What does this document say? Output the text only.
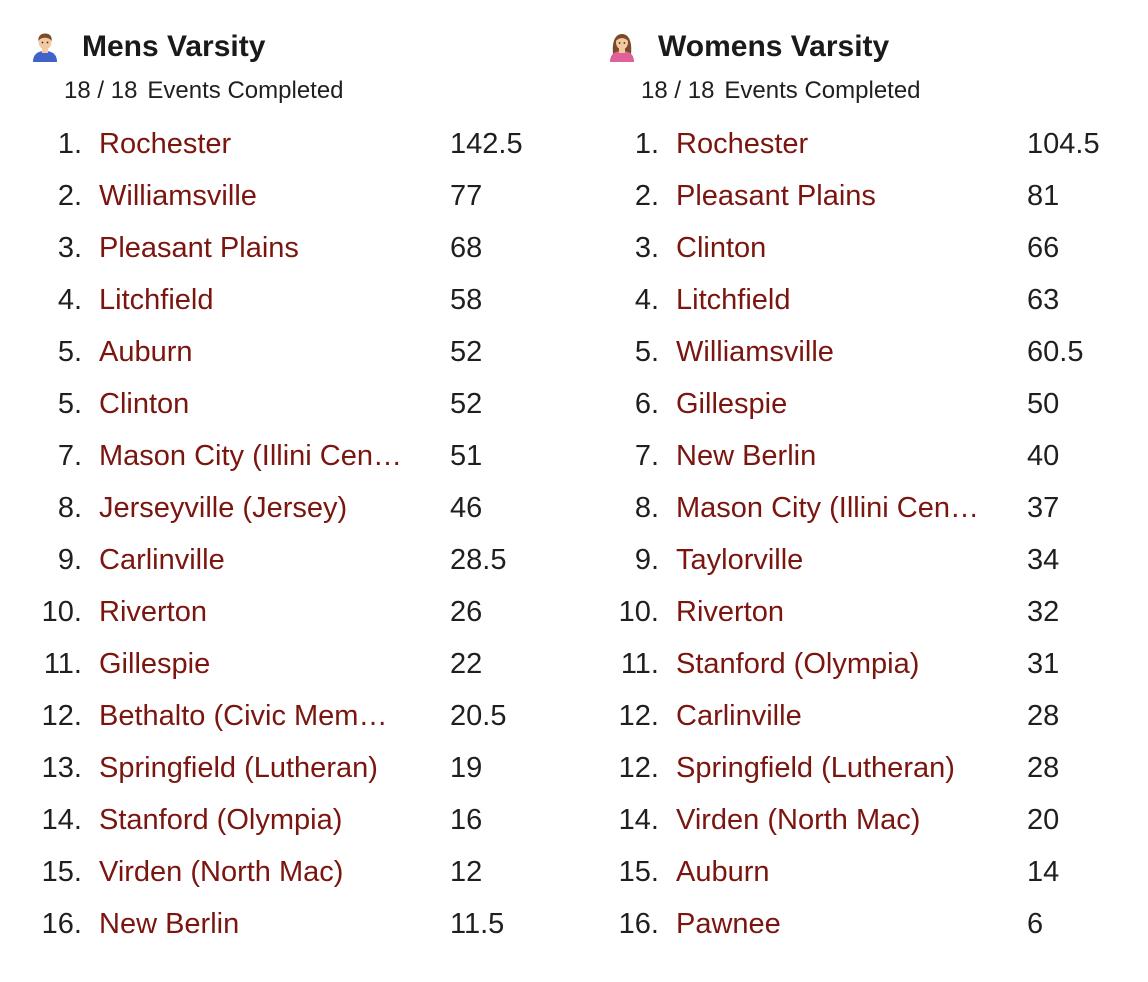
Mens Varsity
18 / 18 Events Completed
1. Rochester	142.5
2. Williamsville	77
3. Pleasant Plains	68
4. Litchfield	58
5. Auburn	52
5. Clinton	52
7. Mason City (Illini Cen… 51
8. Jerseyville (Jersey)	46
9. Carlinville	28.5
10. Riverton	26
11. Gillespie	22
12. Bethalto (Civic Mem… 20.5
13. Springfield (Lutheran) 19
14. Stanford (Olympia)	16
15. Virden (North Mac)	12
16. New Berlin	11.5
Womens Varsity
18 / 18 Events Completed
1. Rochester	104.5
2. Pleasant Plains	81
3. Clinton	66
4. Litchfield	63
5. Williamsville	60.5
6. Gillespie	50
7. New Berlin	40
8. Mason City (Illini Cen… 37
9. Taylorville	34
10. Riverton	32
11. Stanford (Olympia)	31
12. Carlinville	28
12. Springfield (Lutheran) 28
14. Virden (North Mac)	20
15. Auburn	14
16. Pawnee	6
